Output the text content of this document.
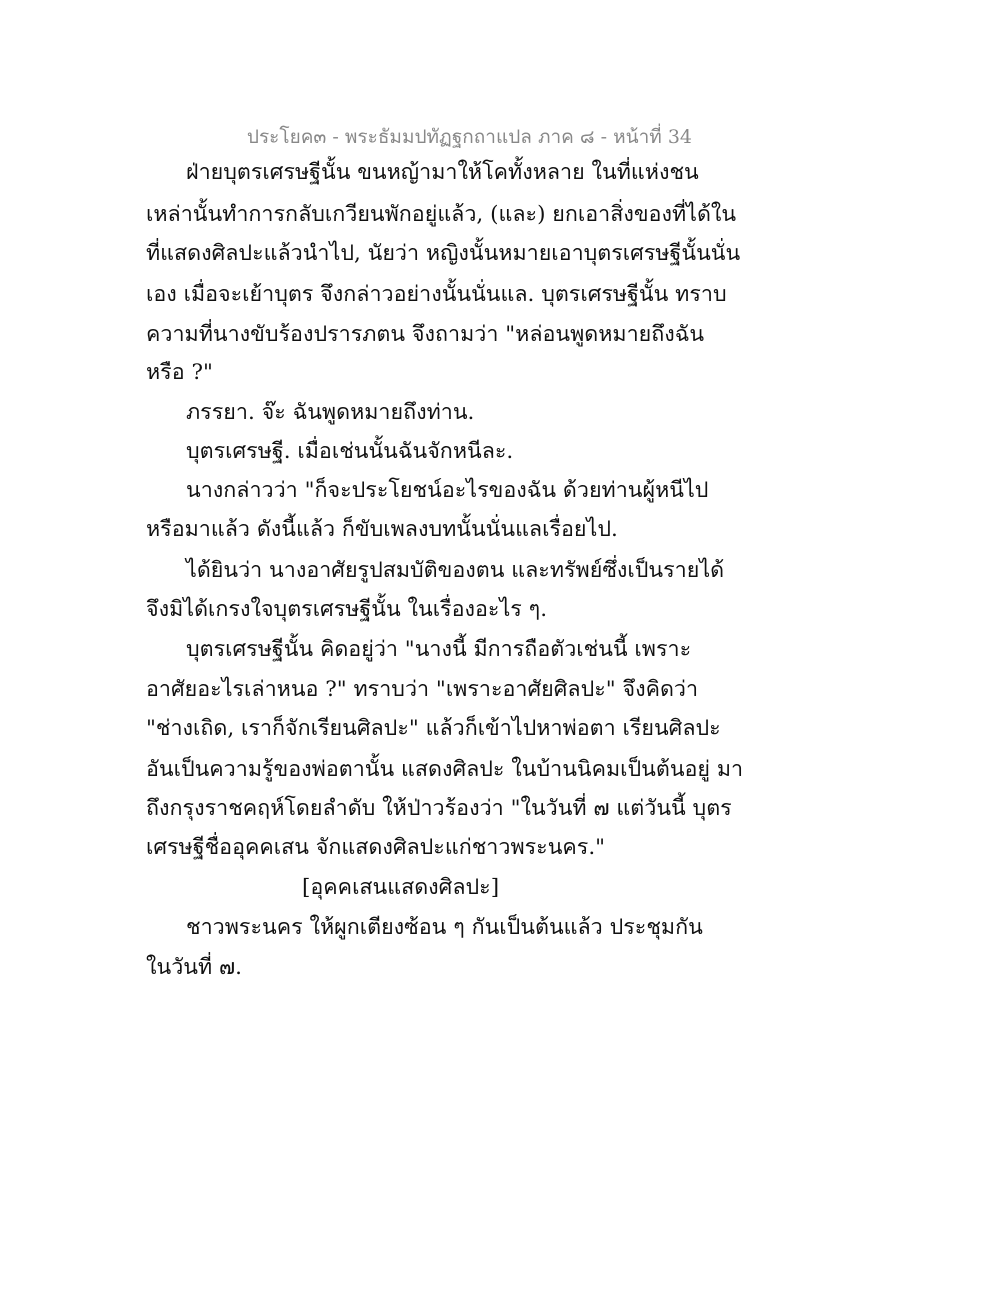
ประโยค๓ - พระธัมมปทัฏฐกถาแปล ภาค ๘ - หน้าที่ 34
ฝ่ายบุตรเศรษฐีนั้น ขนหญ้ามาให้โคทั้งหลาย ในที่แห่งชน
เหล่านั้นทำการกลับเกวียนพักอยู่แล้ว, (และ) ยกเอาสิ่งของที่ได้ใน
ที่แสดงศิลปะแล้วนำไป, นัยว่า หญิงนั้นหมายเอาบุตรเศรษฐีนั้นนั่น
เอง เมื่อจะเย้าบุตร จึงกล่าวอย่างนั้นนั่นแล. บุตรเศรษฐีนั้น ทราบ
ความที่นางขับร้องปรารภตน จึงถามว่า "หล่อนพูดหมายถึงฉัน
หรือ ?"
ภรรยา. จ๊ะ ฉันพูดหมายถึงท่าน.
บุตรเศรษฐี. เมื่อเช่นนั้นฉันจักหนีละ.
นางกล่าวว่า "ก็จะประโยชน์อะไรของฉัน ด้วยท่านผู้หนีไป
หรือมาแล้ว ดังนี้แล้ว ก็ขับเพลงบทนั้นนั่นแลเรื่อยไป.
ได้ยินว่า นางอาศัยรูปสมบัติของตน และทรัพย์ซึ่งเป็นรายได้
จึงมิได้เกรงใจบุตรเศรษฐีนั้น ในเรื่องอะไร ๆ.
บุตรเศรษฐีนั้น คิดอยู่ว่า "นางนี้ มีการถือตัวเช่นนี้ เพราะ
อาศัยอะไรเล่าหนอ ?" ทราบว่า "เพราะอาศัยศิลปะ" จึงคิดว่า
"ช่างเถิด, เราก็จักเรียนศิลปะ" แล้วก็เข้าไปหาพ่อตา เรียนศิลปะ
อันเป็นความรู้ของพ่อตานั้น แสดงศิลปะ ในบ้านนิคมเป็นต้นอยู่ มา
ถึงกรุงราชคฤห์โดยลำดับ ให้ป่าวร้องว่า "ในวันที่ ๗ แต่วันนี้ บุตร
เศรษฐีชื่ออุคคเสน จักแสดงศิลปะแก่ชาวพระนคร."
[อุคคเสนแสดงศิลปะ]
ชาวพระนคร ให้ผูกเตียงซ้อน ๆ กันเป็นต้นแล้ว ประชุมกัน
ในวันที่ ๗.
